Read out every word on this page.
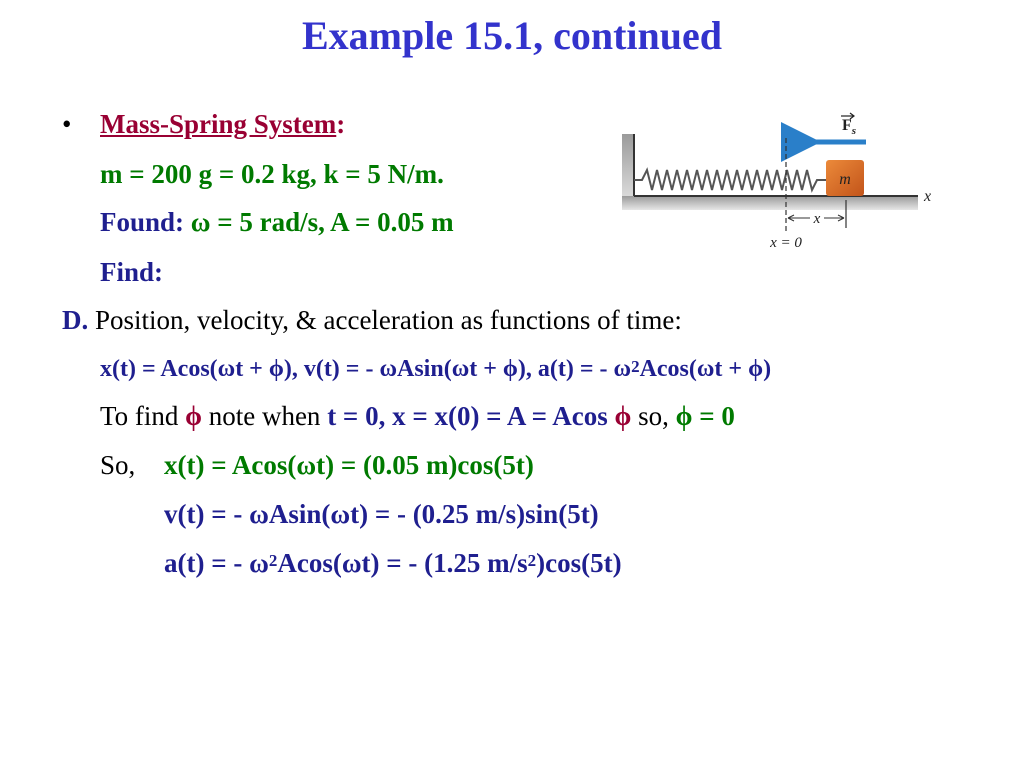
Example 15.1, continued
• Mass-Spring System:
m = 200 g = 0.2 kg, k = 5 N/m.
Found: ω = 5 rad/s, A = 0.05 m
Find:
D. Position, velocity, & acceleration as functions of time:
x(t) = Acos(ωt + ϕ), v(t) = - ωAsin(ωt + ϕ), a(t) = - $\omega^2Acos(\omega t + \phi)$
To find ϕ note when t = 0, x = x(0) = A = Acos ϕ so, ϕ = 0
So, x(t) = Acos(ωt) = (0.05 m)cos(5t)
v(t) = - ωAsin(ωt) = - (0.25 m/s)sin(5t)
a(t) = - $\omega^2Acos(\omega t)$ = - (1.25 $m/s^2)\cos(5t)$
m
$F_s$
x
x
x = 0
